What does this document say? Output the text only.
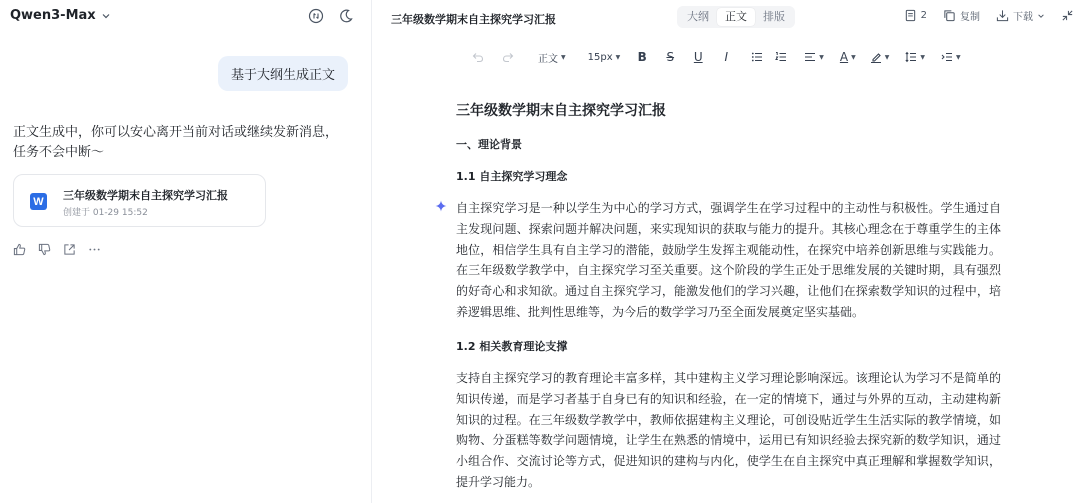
Qwen3-Max
基于大纲生成正文
正文生成中，你可以安心离开当前对话或继续发新消息，任务不会中断～
W	三年级数学期末自主探究学习汇报
创建于 01-29 15:52
三年级数学期末自主探究学习汇报	大纲	正文	排版	2	复制	下载
正文 ▼ 15px ▼ B S U	I	▼ A ▼	▼	▼	▼
三年级数学期末自主探究学习汇报
一、理论背景
1.1 自主探究学习理念
自主探究学习是一种以学生为中心的学习方式，强调学生在学习过程中的主动性与积极性。学生通过自主发现问题、探索问题并解决问题，来实现知识的获取与能力的提升。其核心理念在于尊重学生的主体地位，相信学生具有自主学习的潜能，鼓励学生发挥主观能动性，在探究中培养创新思维与实践能力。在三年级数学教学中，自主探究学习至关重要。这个阶段的学生正处于思维发展的关键时期，具有强烈的好奇心和求知欲。通过自主探究学习，能激发他们的学习兴趣，让他们在探索数学知识的过程中，培养逻辑思维、批判性思维等，为今后的数学学习乃至全面发展奠定坚实基础。
1.2 相关教育理论支撑
支持自主探究学习的教育理论丰富多样，其中建构主义学习理论影响深远。该理论认为学习不是简单的知识传递，而是学习者基于自身已有的知识和经验，在一定的情境下，通过与外界的互动，主动建构新知识的过程。在三年级数学教学中，教师依据建构主义理论，可创设贴近学生生活实际的教学情境，如购物、分蛋糕等数学问题情境，让学生在熟悉的情境中，运用已有知识经验去探究新的数学知识，通过小组合作、交流讨论等方式，促进知识的建构与内化，使学生在自主探究中真正理解和掌握数学知识，提升学习能力。
